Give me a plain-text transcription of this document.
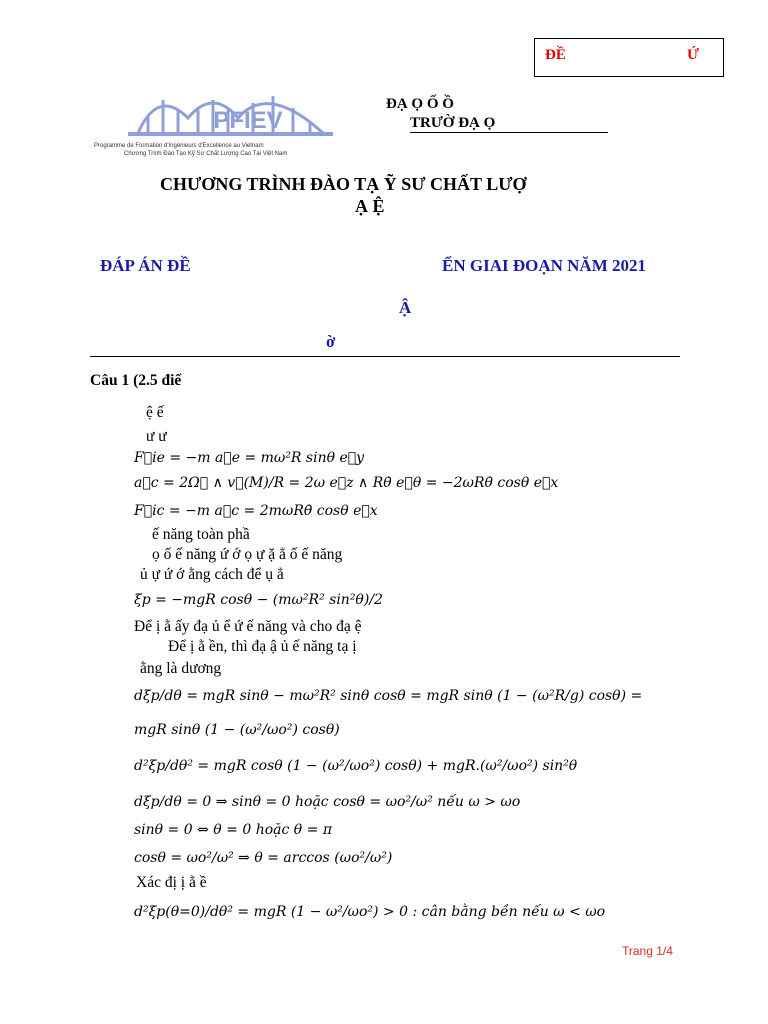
ĐỀ	Ứ
PFIEV
Programme de Formation d'Ingénieurs d'Excellence au Vietnam
Chương Trình Đào Tạo Kỹ Sư Chất Lượng Cao Tại Việt Nam
ĐẠ Ọ Ố Ồ
TRƯỜ ĐẠ Ọ
CHƯƠNG TRÌNH ĐÀO TẠ Ỹ SƯ CHẤT LƯỢ
Ạ Ệ
ĐÁP ÁN ĐỀ	ỂN GIAI ĐOẠN NĂM 2021
Ậ
ờ
Câu 1 (2.5 điể
ệ ế
ư ư
F⃗ie = −m a⃗e = mω²R sinθ e⃗y
a⃗c = 2Ω⃗ ∧ v⃗(M)/R = 2ω e⃗z ∧ Rθ̇ e⃗θ = −2ωRθ̇ cosθ e⃗x
F⃗ic = −m a⃗c = 2mωRθ̇ cosθ e⃗x
ế năng toàn phầ
ọ ố ế năng ứ ớ ọ ự ặ ẳ ố ế năng
ủ ự ứ ớ ằng cách để ụ ẳ
ξp = −mgR cosθ − (mω²R² sin²θ)/2
Để ị ằ ấy đạ ủ ể ứ ế năng và cho đạ ệ
Để ị ằ ền, thì đạ ậ ủ ế năng tạ ị
ằng là dương
dξp/dθ = mgR sinθ − mω²R² sinθ cosθ = mgR sinθ (1 − (ω²R/g) cosθ) =
mgR sinθ (1 − (ω²/ωo²) cosθ)
d²ξp/dθ² = mgR cosθ (1 − (ω²/ωo²) cosθ) + mgR.(ω²/ωo²) sin²θ
dξp/dθ = 0 ⇒ sinθ = 0 hoặc cosθ = ωo²/ω² nếu ω > ωo
sinθ = 0 ⇔ θ = 0 hoặc θ = π
cosθ = ωo²/ω² ⇒ θ = arccos (ωo²/ω²)
Xác đị ị ằ ề
d²ξp(θ=0)/dθ² = mgR (1 − ω²/ωo²) > 0 : cân bằng bền nếu ω < ωo
Trang 1/4
